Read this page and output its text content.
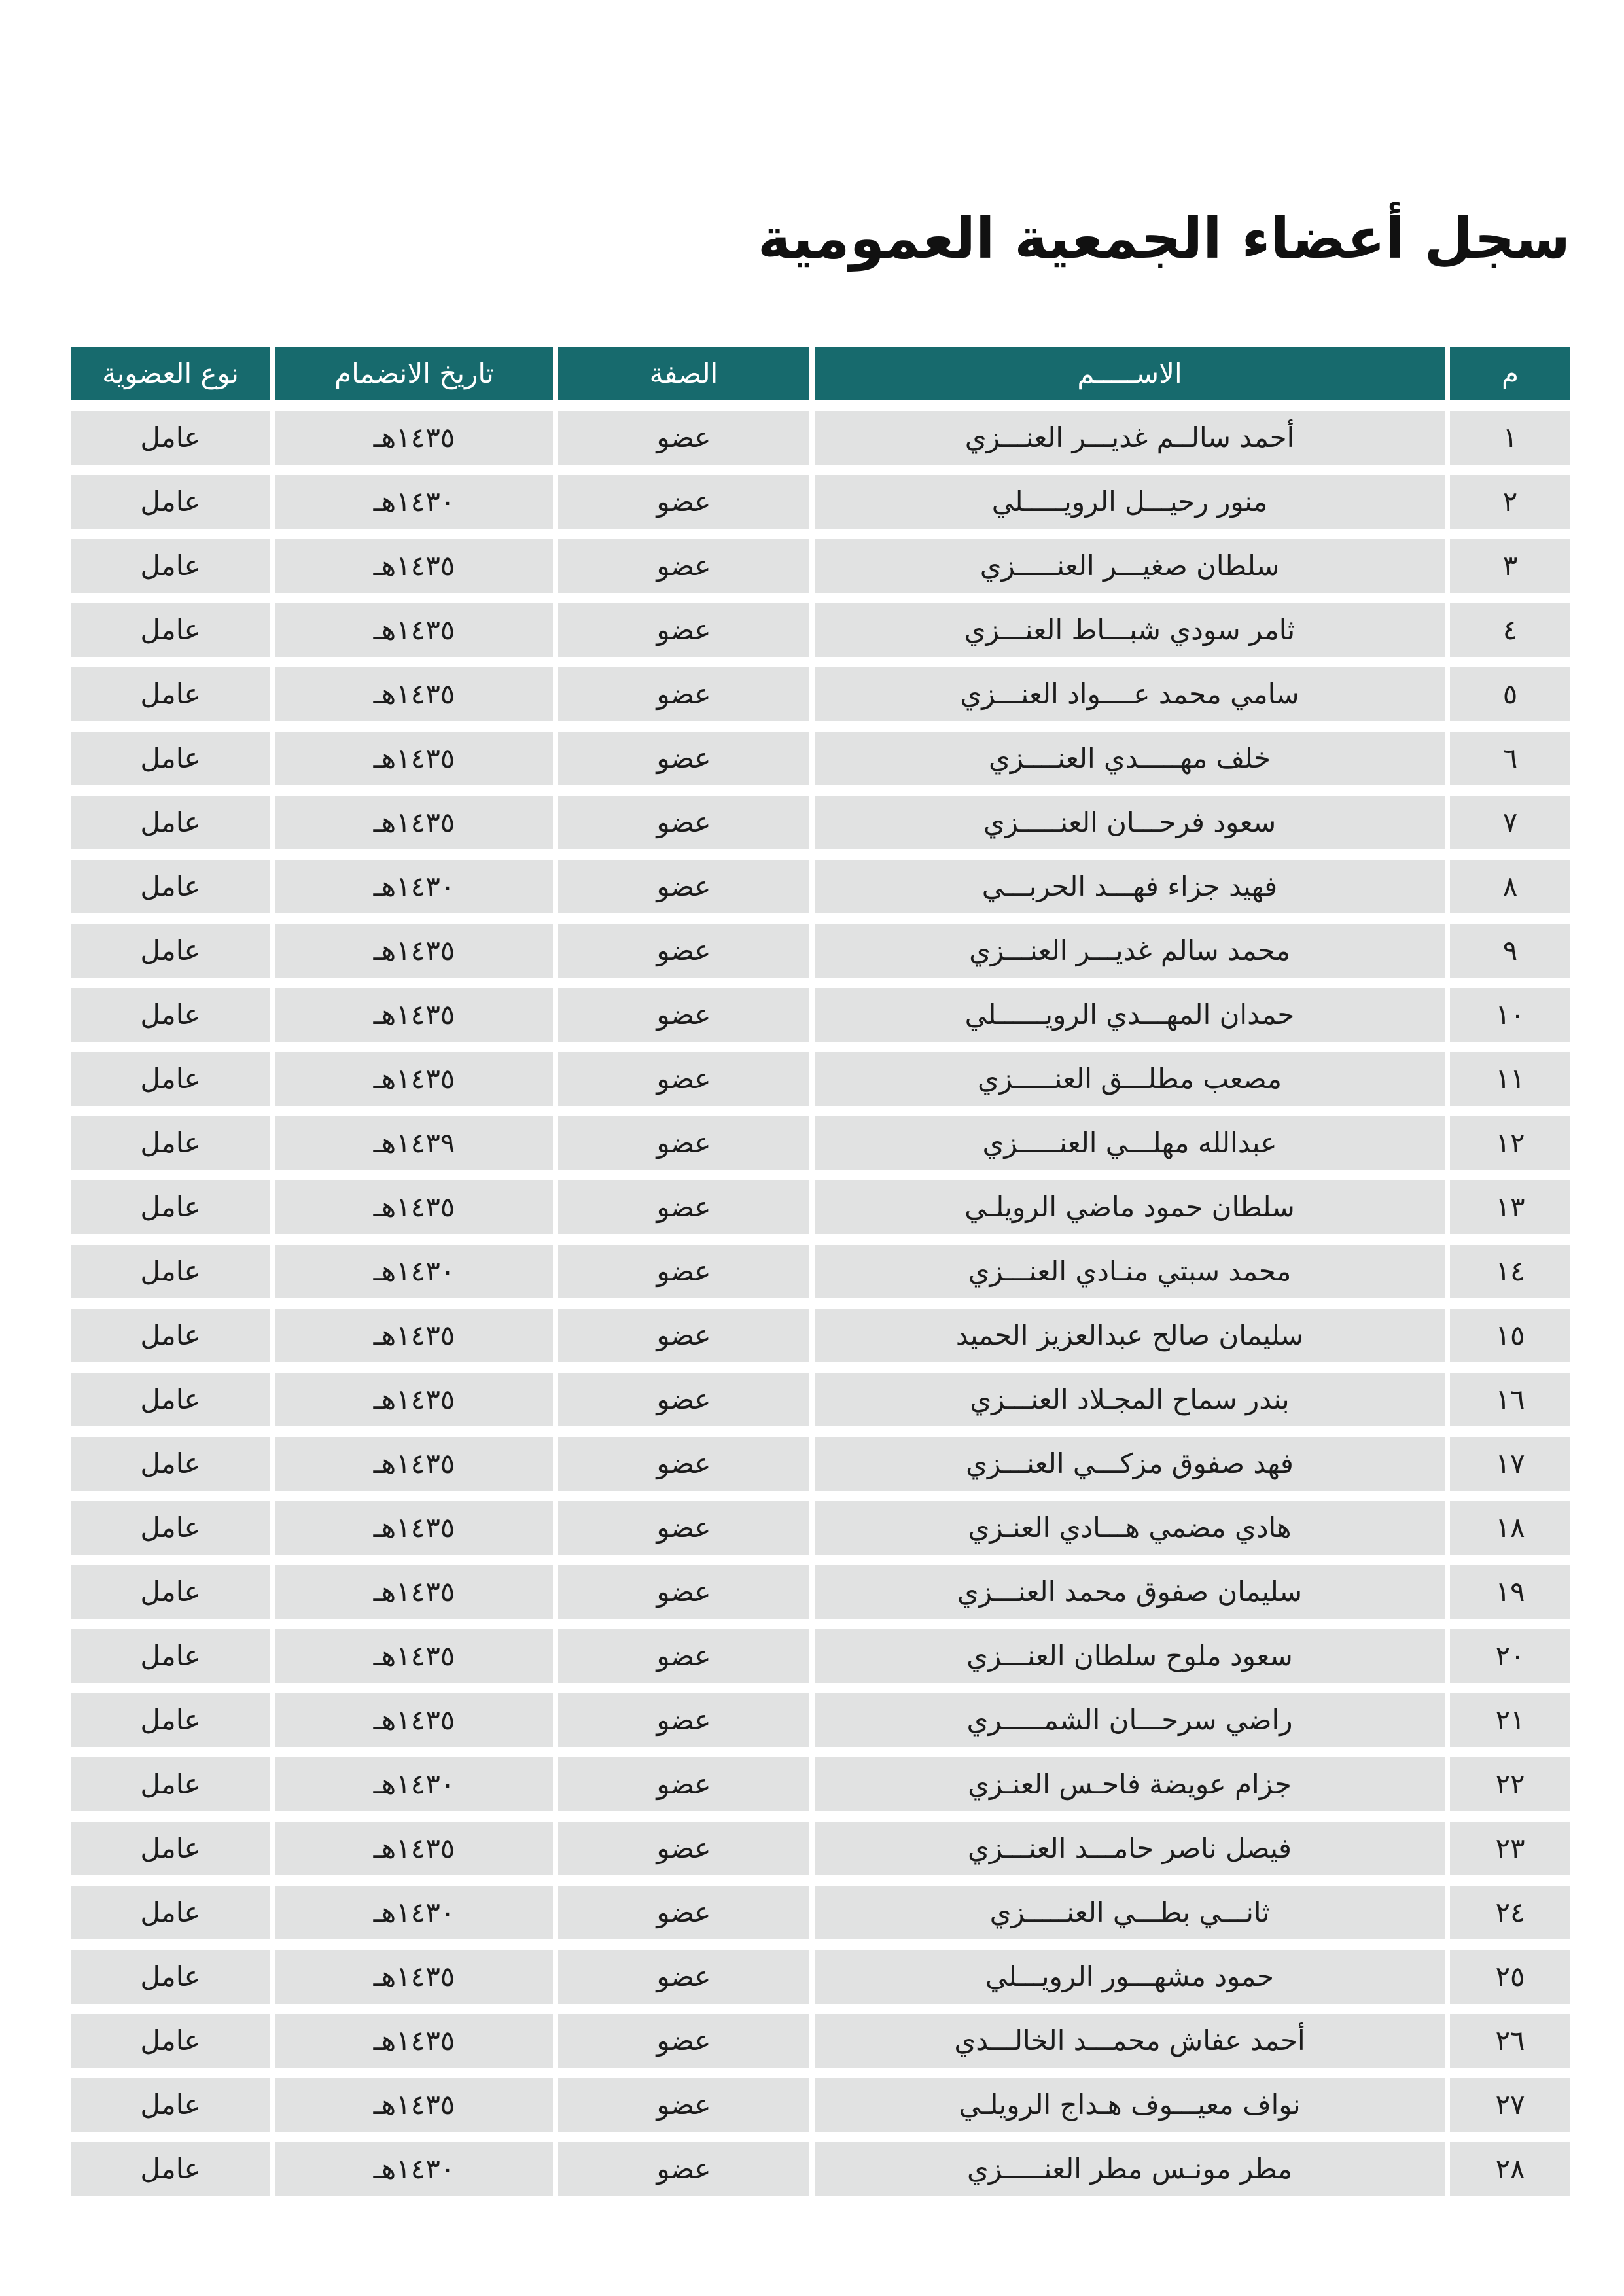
سجل أعضاء الجمعية العمومية
م	الاســـــم	الصفة	تاريخ الانضمام	نوع العضوية
١	أحمد سالــم غديـــر العنـــزي	عضو	١٤٣٥هـ	عامل
٢	منور رحيـــل الرويـــــلي	عضو	١٤٣٠هـ	عامل
٣	سلطان صغيـــر العنـــــزي	عضو	١٤٣٥هـ	عامل
٤	ثامر سودي شبـــاط العنـــزي	عضو	١٤٣٥هـ	عامل
٥	سامي محمد عــــواد العنـــزي	عضو	١٤٣٥هـ	عامل
٦	خلف مهـــــدي العنــــزي	عضو	١٤٣٥هـ	عامل
٧	سعود فرحـــان العنـــــزي	عضو	١٤٣٥هـ	عامل
٨	فهيد جزاء فهـــد الحربـــي	عضو	١٤٣٠هـ	عامل
٩	محمد سالم غديـــر العنـــزي	عضو	١٤٣٥هـ	عامل
١٠	حمدان المهـــدي الرويــــــلي	عضو	١٤٣٥هـ	عامل
١١	مصعب مطلـــق العنـــــزي	عضو	١٤٣٥هـ	عامل
١٢	عبدالله مهلـــي العنـــــزي	عضو	١٤٣٩هـ	عامل
١٣	سلطان حمود ماضي الرويلـي	عضو	١٤٣٥هـ	عامل
١٤	محمد سبتي منـادي العنـــزي	عضو	١٤٣٠هـ	عامل
١٥	سليمان صالح عبدالعزيز الحميد	عضو	١٤٣٥هـ	عامل
١٦	بندر سماح المجـلاد العنـــزي	عضو	١٤٣٥هـ	عامل
١٧	فهد صفوق مزكـــي العنـــزي	عضو	١٤٣٥هـ	عامل
١٨	هادي مضمي هـــادي العنـزي	عضو	١٤٣٥هـ	عامل
١٩	سليمان صفوق محمد العنـــزي	عضو	١٤٣٥هـ	عامل
٢٠	سعود ملوح سلطان العنـــزي	عضو	١٤٣٥هـ	عامل
٢١	راضي سرحـــان الشمـــــري	عضو	١٤٣٥هـ	عامل
٢٢	جزام عويضة فاحـس العنـزي	عضو	١٤٣٠هـ	عامل
٢٣	فيصل ناصر حامـــد العنـــزي	عضو	١٤٣٥هـ	عامل
٢٤	ثانـــي بطـــي العنـــــزي	عضو	١٤٣٠هـ	عامل
٢٥	حمود مشهـــور الرويـــلي	عضو	١٤٣٥هـ	عامل
٢٦	أحمد عفاش محمـــد الخالـــدي	عضو	١٤٣٥هـ	عامل
٢٧	نواف معيـــوف هـداج الرويلـي	عضو	١٤٣٥هـ	عامل
٢٨	مطر مونـس مطر العنـــــزي	عضو	١٤٣٠هـ	عامل
